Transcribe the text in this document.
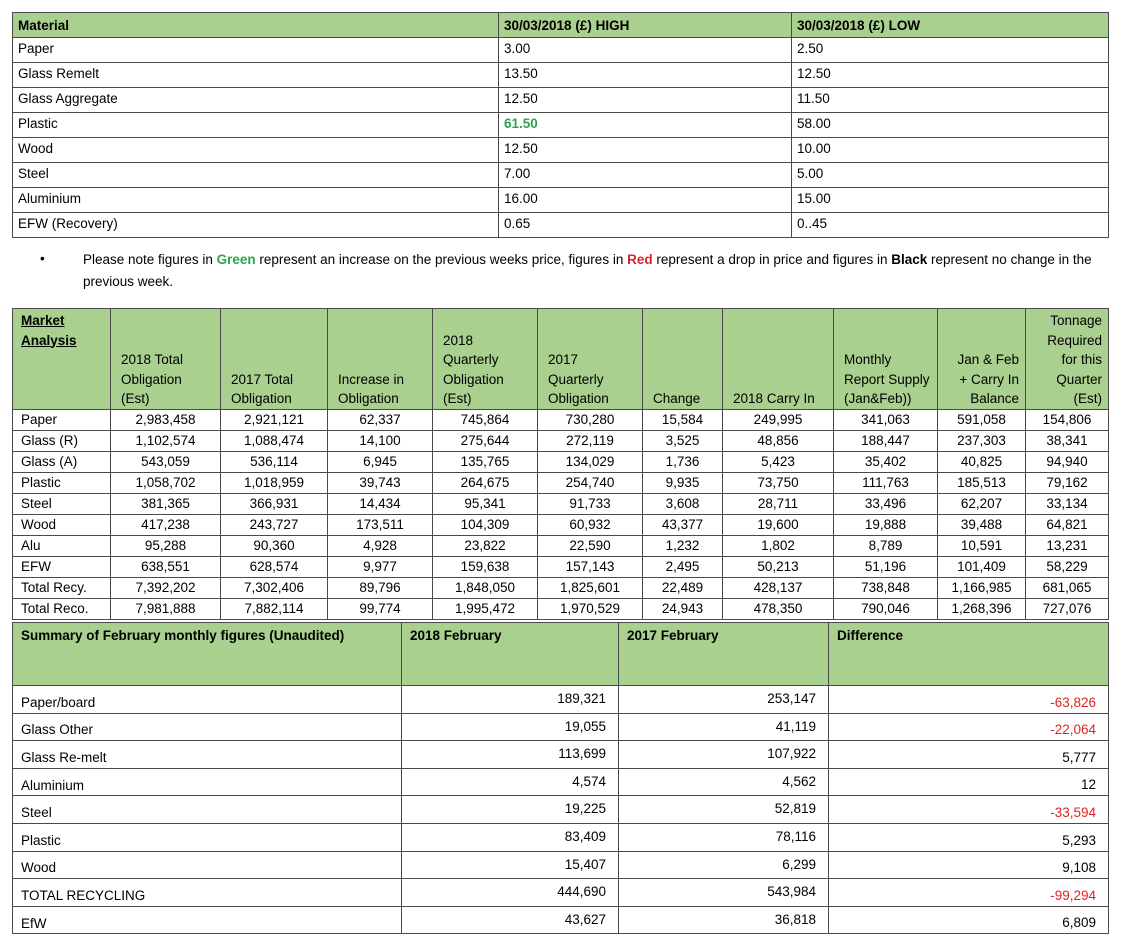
Material	30/03/2018 (£) HIGH	30/03/2018 (£) LOW
Paper	3.00	2.50
Glass Remelt	13.50	12.50
Glass Aggregate	12.50	11.50
Plastic	61.50	58.00
Wood	12.50	10.00
Steel	7.00	5.00
Aluminium	16.00	15.00
EFW (Recovery)	0.65	0..45
•	Please note figures in Green represent an increase on the previous weeks price, figures in Red represent a drop in price and figures in Black represent no change in the previous week.
Market Analysis	2018 Total Obligation (Est)	2017 Total Obligation	Increase in Obligation	2018 Quarterly Obligation (Est)	2017 Quarterly Obligation	Change	2018 Carry In	Monthly Report Supply (Jan&Feb))	Jan & Feb + Carry In Balance	Tonnage Required for this Quarter (Est)
Paper	2,983,458	2,921,121	62,337	745,864	730,280	15,584	249,995	341,063	591,058	154,806
Glass (R)	1,102,574	1,088,474	14,100	275,644	272,119	3,525	48,856	188,447	237,303	38,341
Glass (A)	543,059	536,114	6,945	135,765	134,029	1,736	5,423	35,402	40,825	94,940
Plastic	1,058,702	1,018,959	39,743	264,675	254,740	9,935	73,750	111,763	185,513	79,162
Steel	381,365	366,931	14,434	95,341	91,733	3,608	28,711	33,496	62,207	33,134
Wood	417,238	243,727	173,511	104,309	60,932	43,377	19,600	19,888	39,488	64,821
Alu	95,288	90,360	4,928	23,822	22,590	1,232	1,802	8,789	10,591	13,231
EFW	638,551	628,574	9,977	159,638	157,143	2,495	50,213	51,196	101,409	58,229
Total Recy.	7,392,202	7,302,406	89,796	1,848,050	1,825,601	22,489	428,137	738,848	1,166,985	681,065
Total Reco.	7,981,888	7,882,114	99,774	1,995,472	1,970,529	24,943	478,350	790,046	1,268,396	727,076
Summary of February monthly figures (Unaudited)	2018 February	2017 February	Difference
Paper/board	189,321	253,147	-63,826
Glass Other	19,055	41,119	-22,064
Glass Re-melt	113,699	107,922	5,777
Aluminium	4,574	4,562	12
Steel	19,225	52,819	-33,594
Plastic	83,409	78,116	5,293
Wood	15,407	6,299	9,108
TOTAL RECYCLING	444,690	543,984	-99,294
EfW	43,627	36,818	6,809
